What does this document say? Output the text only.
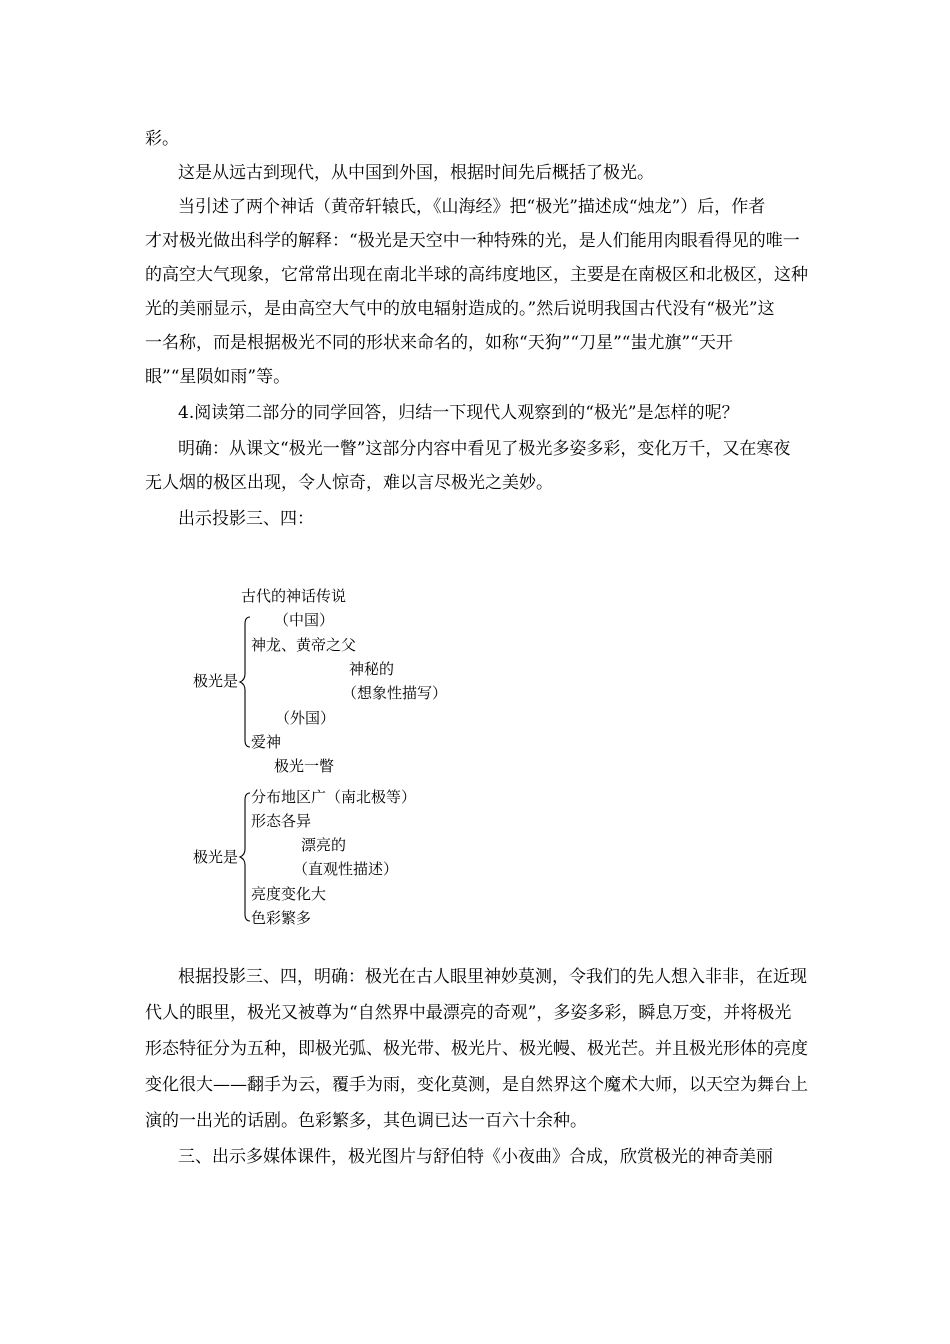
彩。

这是从远古到现代，从中国到外国，根据时间先后概括了极光。

当引述了两个神话（黄帝轩辕氏，《山海经》把“极光”描述成“烛龙”）后，作者

才对极光做出科学的解释：“极光是天空中一种特殊的光，是人们能用肉眼看得见的唯一

的高空大气现象，它常常出现在南北半球的高纬度地区，主要是在南极区和北极区，这种

光的美丽显示，是由高空大气中的放电辐射造成的。”然后说明我国古代没有“极光”这

一名称，而是根据极光不同的形状来命名的，如称“天狗”“刀星”“蚩尤旗”“天开

眼”“星陨如雨”等。

4.阅读第二部分的同学回答，归结一下现代人观察到的“极光”是怎样的呢？

明确：从课文“极光一瞥”这部分内容中看见了极光多姿多彩，变化万千，又在寒夜

无人烟的极区出现，令人惊奇，难以言尽极光之美妙。

出示投影三、四：

古代的神话传说
（中国）
神龙、黄帝之父
神秘的
极光是
（想象性描写）
（外国）
爱神
极光一瞥
分布地区广（南北极等）
形态各异
漂亮的
极光是
（直观性描述）
亮度变化大
色彩繁多

根据投影三、四，明确：极光在古人眼里神妙莫测，令我们的先人想入非非，在近现

代人的眼里，极光又被尊为“自然界中最漂亮的奇观”，多姿多彩，瞬息万变，并将极光

形态特征分为五种，即极光弧、极光带、极光片、极光幔、极光芒。并且极光形体的亮度

变化很大——翻手为云，覆手为雨，变化莫测，是自然界这个魔术大师，以天空为舞台上

演的一出光的话剧。色彩繁多，其色调已达一百六十余种。

三、出示多媒体课件，极光图片与舒伯特《小夜曲》合成，欣赏极光的神奇美丽
